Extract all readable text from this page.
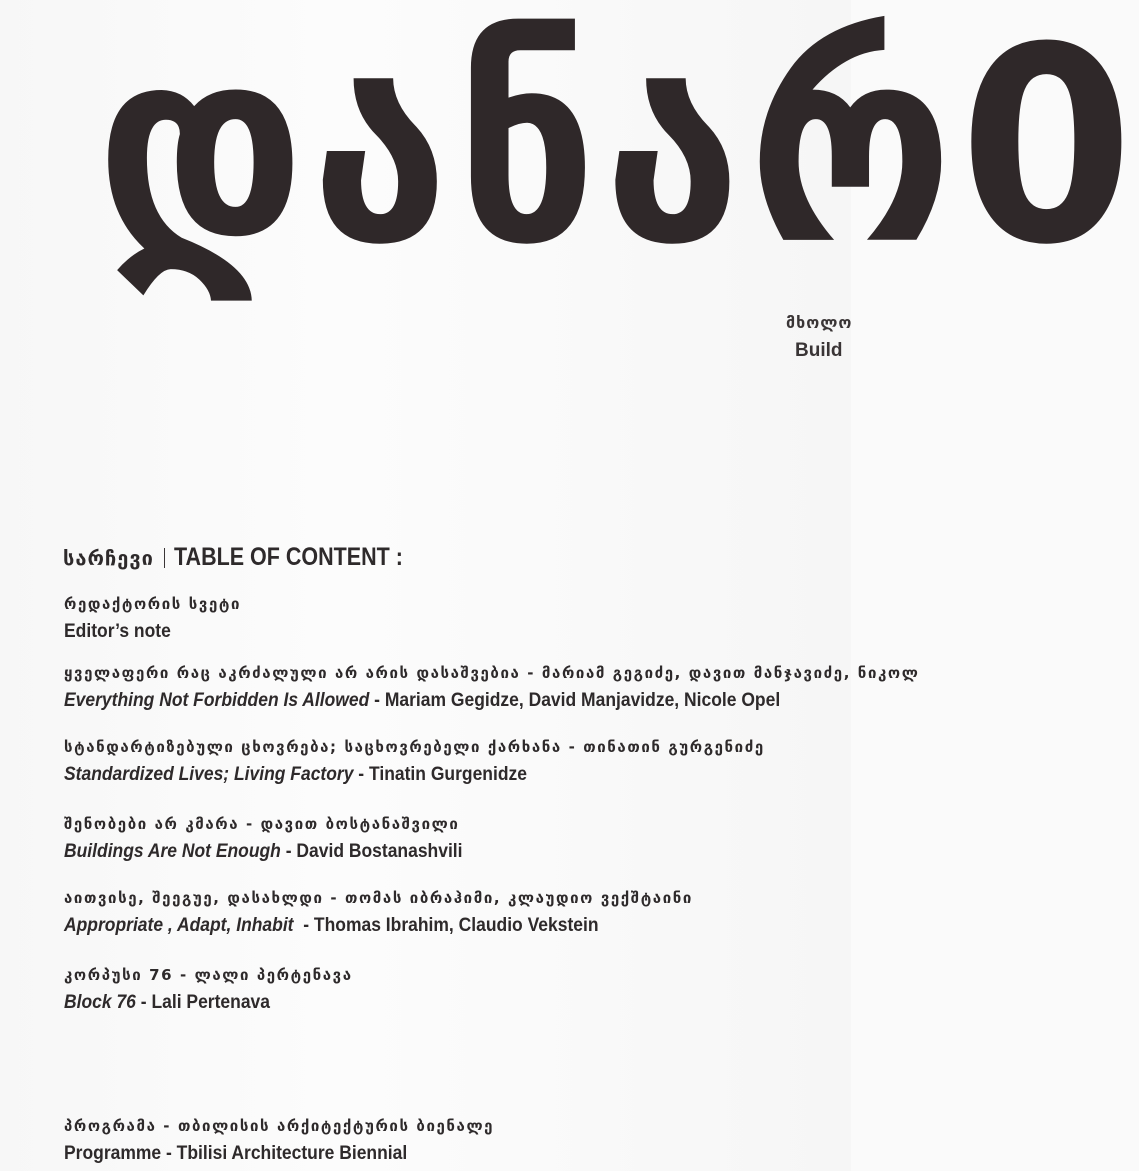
დანარ0
მხოლო
Build
სარჩევი TABLE OF CONTENT :
რედაქტორის სვეტი
Editor’s note
ყველაფერი რაც აკრძალული არ არის დასაშვებია - მარიამ გეგიძე, დავით მანჯავიძე, ნიკოლ
Everything Not Forbidden Is Allowed - Mariam Gegidze, David Manjavidze, Nicole Opel
სტანდარტიზებული ცხოვრება; საცხოვრებელი ქარხანა - თინათინ გურგენიძე
Standardized Lives; Living Factory - Tinatin Gurgenidze
შენობები არ კმარა - დავით ბოსტანაშვილი
Buildings Are Not Enough - David Bostanashvili
აითვისე, შეეგუე, დასახლდი - თომას იბრაჰიმი, კლაუდიო ვექშტაინი
Appropriate , Adapt, Inhabit  - Thomas Ibrahim, Claudio Vekstein
კორპუსი 76 - ლალი პერტენავა
Block 76 - Lali Pertenava
პროგრამა - თბილისის არქიტექტურის ბიენალე
Programme - Tbilisi Architecture Biennial
